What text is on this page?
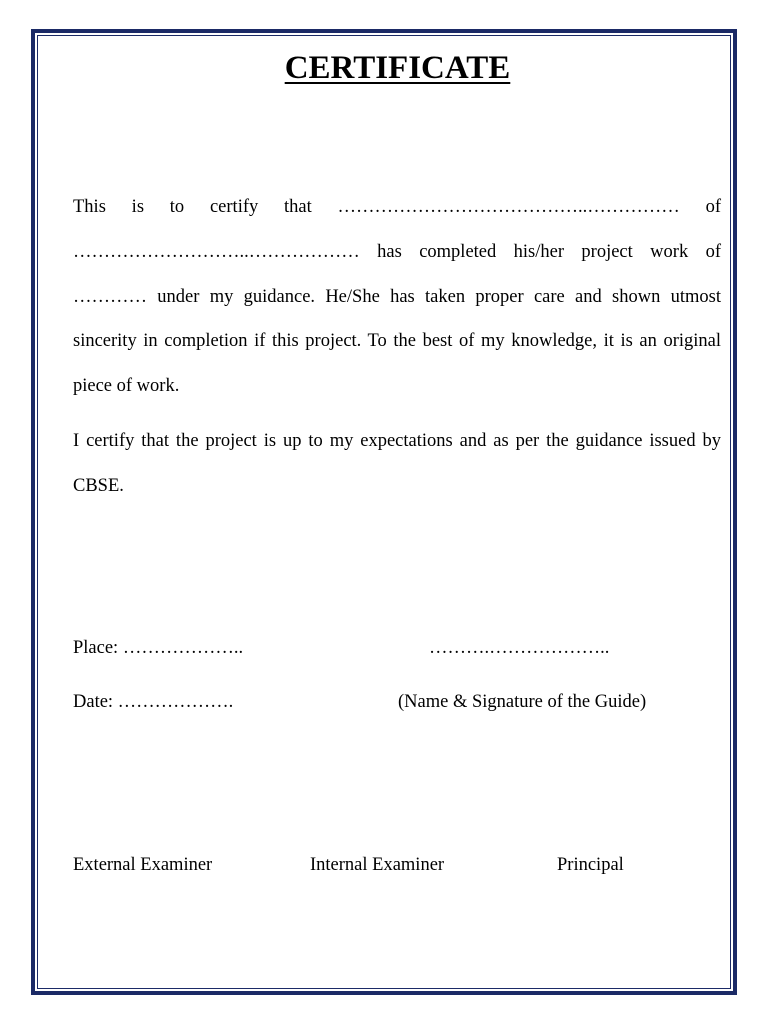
CERTIFICATE

This is to certify that …………………………………..…………… of ………………………..……………… has completed his/her project work of ………… under my guidance. He/She has taken proper care and shown utmost sincerity in completion if this project. To the best of my knowledge, it is an original piece of work.

I certify that the project is up to my expectations and as per the guidance issued by CBSE.

Place: ………………..	……….………………..
Date: ……………….	(Name & Signature of the Guide)
External Examiner	Internal Examiner	Principal
